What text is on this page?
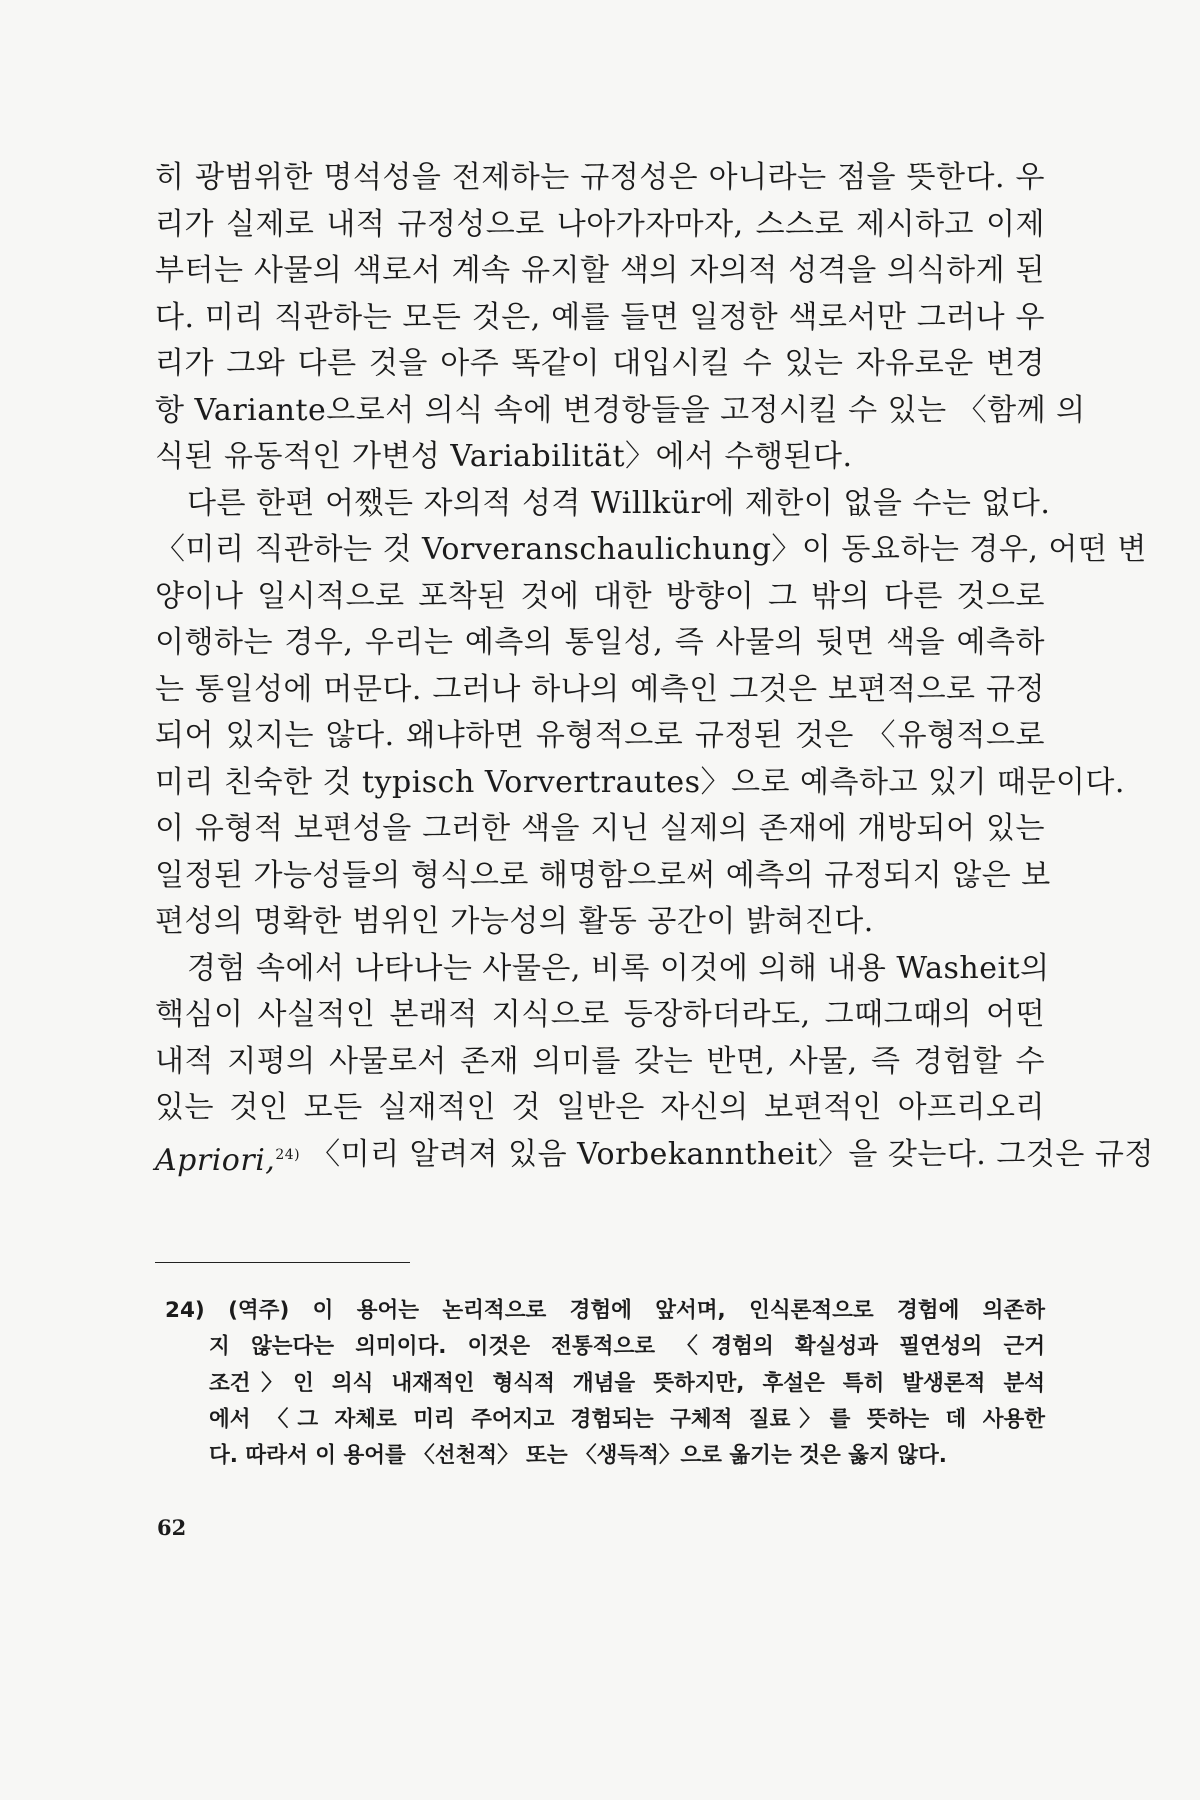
히 광범위한 명석성을 전제하는 규정성은 아니라는 점을 뜻한다. 우
리가 실제로 내적 규정성으로 나아가자마자, 스스로 제시하고 이제
부터는 사물의 색로서 계속 유지할 색의 자의적 성격을 의식하게 된
다. 미리 직관하는 모든 것은, 예를 들면 일정한 색로서만 그러나 우
리가 그와 다른 것을 아주 똑같이 대입시킬 수 있는 자유로운 변경
항 Variante으로서 의식 속에 변경항들을 고정시킬 수 있는 〈함께 의
식된 유동적인 가변성 Variabilität〉에서 수행된다.
다른 한편 어쨌든 자의적 성격 Willkür에 제한이 없을 수는 없다.
〈미리 직관하는 것 Vorveranschaulichung〉이 동요하는 경우, 어떤 변
양이나 일시적으로 포착된 것에 대한 방향이 그 밖의 다른 것으로
이행하는 경우, 우리는 예측의 통일성, 즉 사물의 뒷면 색을 예측하
는 통일성에 머문다. 그러나 하나의 예측인 그것은 보편적으로 규정
되어 있지는 않다. 왜냐하면 유형적으로 규정된 것은 〈유형적으로
미리 친숙한 것 typisch Vorvertrautes〉으로 예측하고 있기 때문이다.
이 유형적 보편성을 그러한 색을 지닌 실제의 존재에 개방되어 있는
일정된 가능성들의 형식으로 해명함으로써 예측의 규정되지 않은 보
편성의 명확한 범위인 가능성의 활동 공간이 밝혀진다.
경험 속에서 나타나는 사물은, 비록 이것에 의해 내용 Washeit의
핵심이 사실적인 본래적 지식으로 등장하더라도, 그때그때의 어떤
내적 지평의 사물로서 존재 의미를 갖는 반면, 사물, 즉 경험할 수
있는 것인 모든 실재적인 것 일반은 자신의 보편적인 아프리오리
Apriori,$^{24)}$ 〈미리 알려져 있음 Vorbekanntheit〉을 갖는다. 그것은 규정
24) (역주) 이 용어는 논리적으로 경험에 앞서며, 인식론적으로 경험에 의존하
지 않는다는 의미이다. 이것은 전통적으로 〈경험의 확실성과 필연성의 근거
조건〉인 의식 내재적인 형식적 개념을 뜻하지만, 후설은 특히 발생론적 분석
에서 〈그 자체로 미리 주어지고 경험되는 구체적 질료〉를 뜻하는 데 사용한
다. 따라서 이 용어를 〈선천적〉 또는 〈생득적〉으로 옮기는 것은 옳지 않다.
62
